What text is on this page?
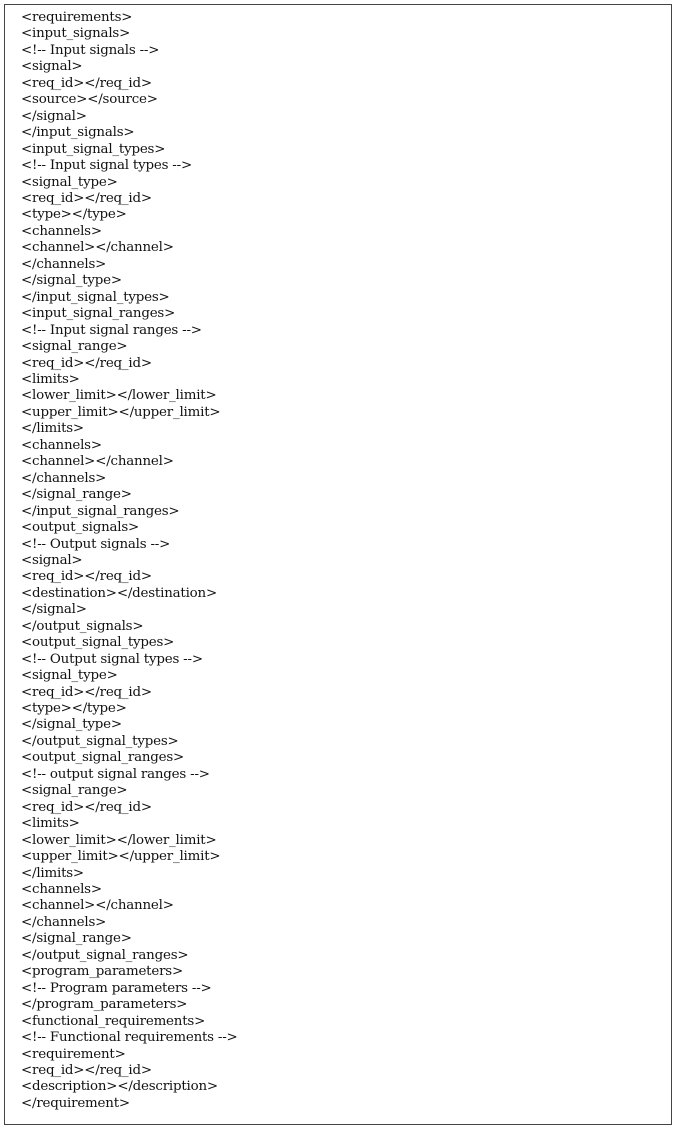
<requirements>
<input_signals>
<!-- Input signals -->
<signal>
<req_id></req_id>
<source></source>
</signal>
</input_signals>
<input_signal_types>
<!-- Input signal types -->
<signal_type>
<req_id></req_id>
<type></type>
<channels>
<channel></channel>
</channels>
</signal_type>
</input_signal_types>
<input_signal_ranges>
<!-- Input signal ranges -->
<signal_range>
<req_id></req_id>
<limits>
<lower_limit></lower_limit>
<upper_limit></upper_limit>
</limits>
<channels>
<channel></channel>
</channels>
</signal_range>
</input_signal_ranges>
<output_signals>
<!-- Output signals -->
<signal>
<req_id></req_id>
<destination></destination>
</signal>
</output_signals>
<output_signal_types>
<!-- Output signal types -->
<signal_type>
<req_id></req_id>
<type></type>
</signal_type>
</output_signal_types>
<output_signal_ranges>
<!-- output signal ranges -->
<signal_range>
<req_id></req_id>
<limits>
<lower_limit></lower_limit>
<upper_limit></upper_limit>
</limits>
<channels>
<channel></channel>
</channels>
</signal_range>
</output_signal_ranges>
<program_parameters>
<!-- Program parameters -->
</program_parameters>
<functional_requirements>
<!-- Functional requirements -->
<requirement>
<req_id></req_id>
<description></description>
</requirement>
